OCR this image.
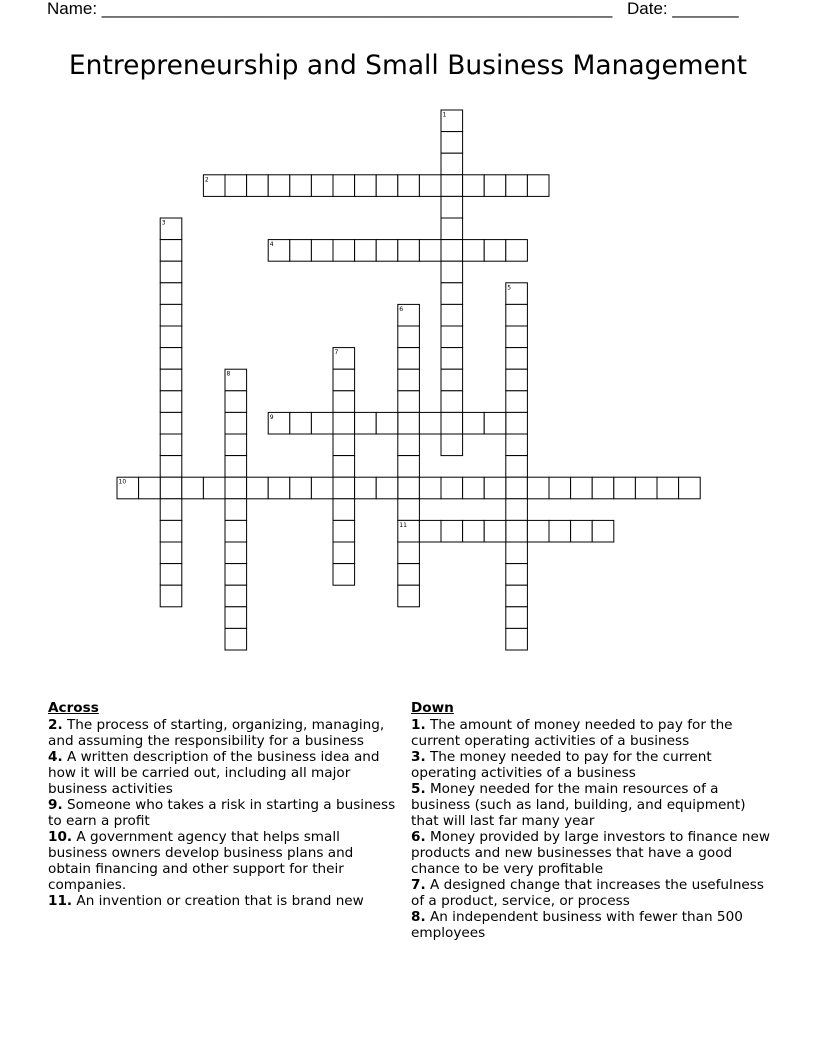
Name: ______________________________________________________ Date: _______
Entrepreneurship and Small Business Management
1
2
3
4
5
6
7
8
9
10
11
Across
2. The process of starting, organizing, managing, and assuming the responsibility for a business
4. A written description of the business idea and how it will be carried out, including all major business activities
9. Someone who takes a risk in starting a business to earn a profit
10. A government agency that helps small business owners develop business plans and obtain financing and other support for their companies.
11. An invention or creation that is brand new
Down
1. The amount of money needed to pay for the current operating activities of a business
3. The money needed to pay for the current operating activities of a business
5. Money needed for the main resources of a business (such as land, building, and equipment) that will last far many year
6. Money provided by large investors to finance new products and new businesses that have a good chance to be very profitable
7. A designed change that increases the usefulness of a product, service, or process
8. An independent business with fewer than 500 employees
